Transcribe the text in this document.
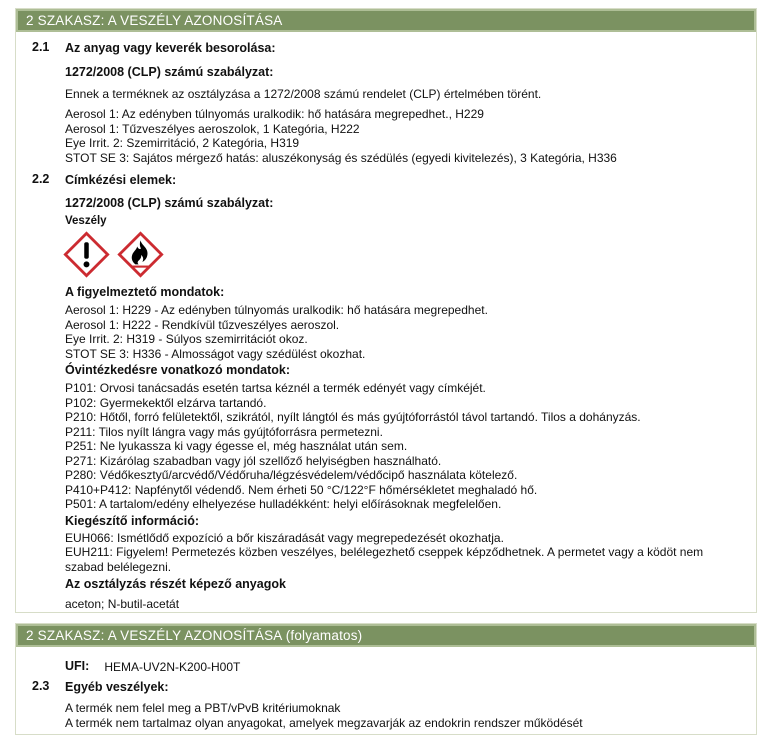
2 SZAKASZ: A VESZÉLY AZONOSÍTÁSA
2.1	Az anyag vagy keverék besorolása:
1272/2008 (CLP) számú szabályzat:
Ennek a terméknek az osztályzása a 1272/2008 számú rendelet (CLP) értelmében törént.
Aerosol 1: Az edényben túlnyomás uralkodik: hő hatására megrepedhet., H229
Aerosol 1: Tűzveszélyes aeroszolok, 1 Kategória, H222
Eye Irrit. 2: Szemirritáció, 2 Kategória, H319
STOT SE 3: Sajátos mérgező hatás: aluszékonyság és szédülés (egyedi kivitelezés), 3 Kategória, H336
2.2	Címkézési elemek:
1272/2008 (CLP) számú szabályzat:
Veszély
A figyelmeztető mondatok:
Aerosol 1: H229 - Az edényben túlnyomás uralkodik: hő hatására megrepedhet.
Aerosol 1: H222 - Rendkívül tűzveszélyes aeroszol.
Eye Irrit. 2: H319 - Súlyos szemirritációt okoz.
STOT SE 3: H336 - Almosságot vagy szédülést okozhat.
Óvintézkedésre vonatkozó mondatok:
P101: Orvosi tanácsadás esetén tartsa kéznél a termék edényét vagy címkéjét.
P102: Gyermekektől elzárva tartandó.
P210: Hőtől, forró felületektől, szikrától, nyílt lángtól és más gyújtóforrástól távol tartandó. Tilos a dohányzás.
P211: Tilos nyílt lángra vagy más gyújtóforrásra permetezni.
P251: Ne lyukassza ki vagy égesse el, még használat után sem.
P271: Kizárólag szabadban vagy jól szellőző helyiségben használható.
P280: Védőkesztyű/arcvédő/Védőruha/légzésvédelem/védőcipő használata kötelező.
P410+P412: Napfénytől védendő. Nem érheti 50 °C/122°F hőmérsékletet meghaladó hő.
P501: A tartalom/edény elhelyezése hulladékként: helyi előírásoknak megfelelően.
Kiegészítő információ:
EUH066: Ismétlődő expozíció a bőr kiszáradását vagy megrepedezését okozhatja.
EUH211: Figyelem! Permetezés közben veszélyes, belélegezhető cseppek képződhetnek. A permetet vagy a ködöt nem szabad belélegezni.
Az osztályzás részét képező anyagok
aceton; N-butil-acetát
2 SZAKASZ: A VESZÉLY AZONOSÍTÁSA (folyamatos)
UFI: HEMA-UV2N-K200-H00T
2.3	Egyéb veszélyek:
A termék nem felel meg a PBT/vPvB kritériumoknak
A termék nem tartalmaz olyan anyagokat, amelyek megzavarják az endokrin rendszer működését
